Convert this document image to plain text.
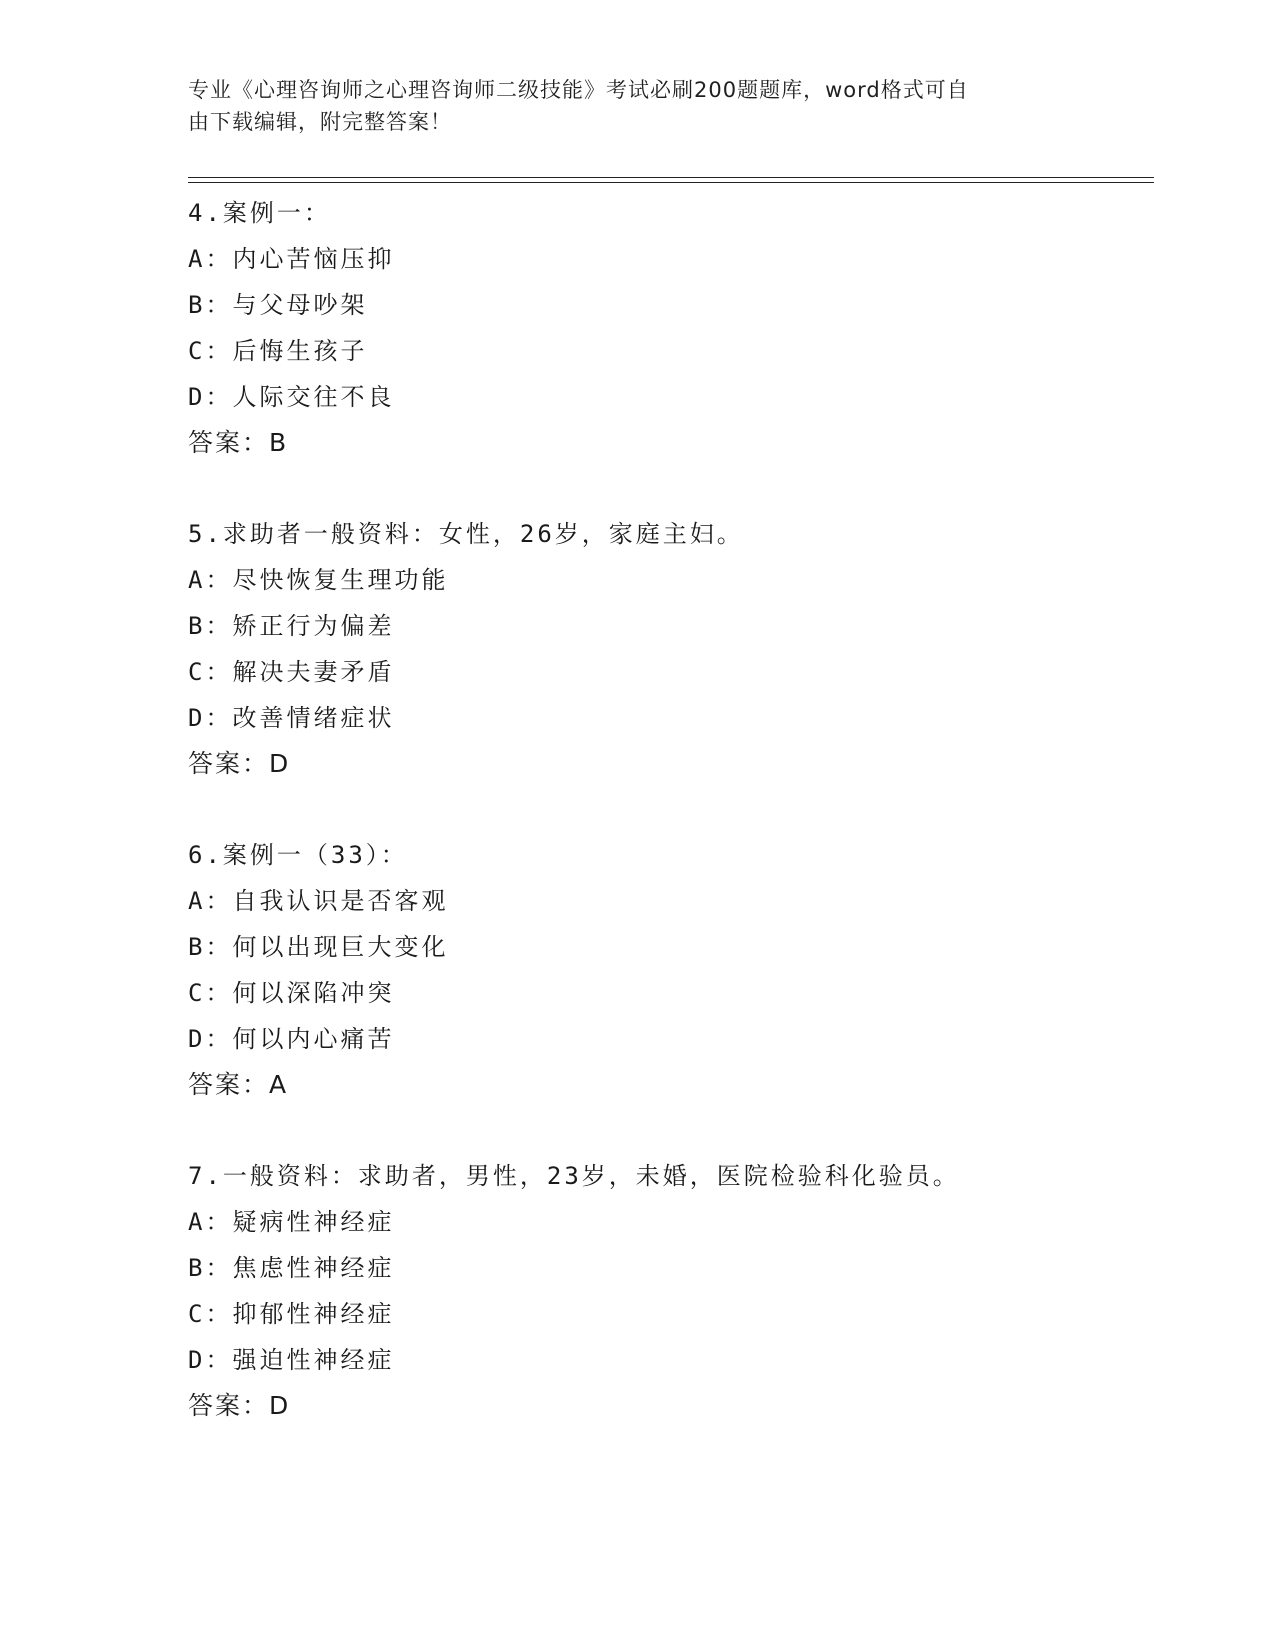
专业《心理咨询师之心理咨询师二级技能》考试必刷200题题库，word格式可自
由下载编辑，附完整答案！
4.案例一：
A：内心苦恼压抑
B：与父母吵架
C：后悔生孩子
D：人际交往不良
答案：B
5.求助者一般资料：女性，26岁，家庭主妇。
A：尽快恢复生理功能
B：矫正行为偏差
C：解决夫妻矛盾
D：改善情绪症状
答案：D
6.案例一（33）：
A：自我认识是否客观
B：何以出现巨大变化
C：何以深陷冲突
D：何以内心痛苦
答案：A
7.一般资料：求助者，男性，23岁，未婚，医院检验科化验员。
A：疑病性神经症
B：焦虑性神经症
C：抑郁性神经症
D：强迫性神经症
答案：D
